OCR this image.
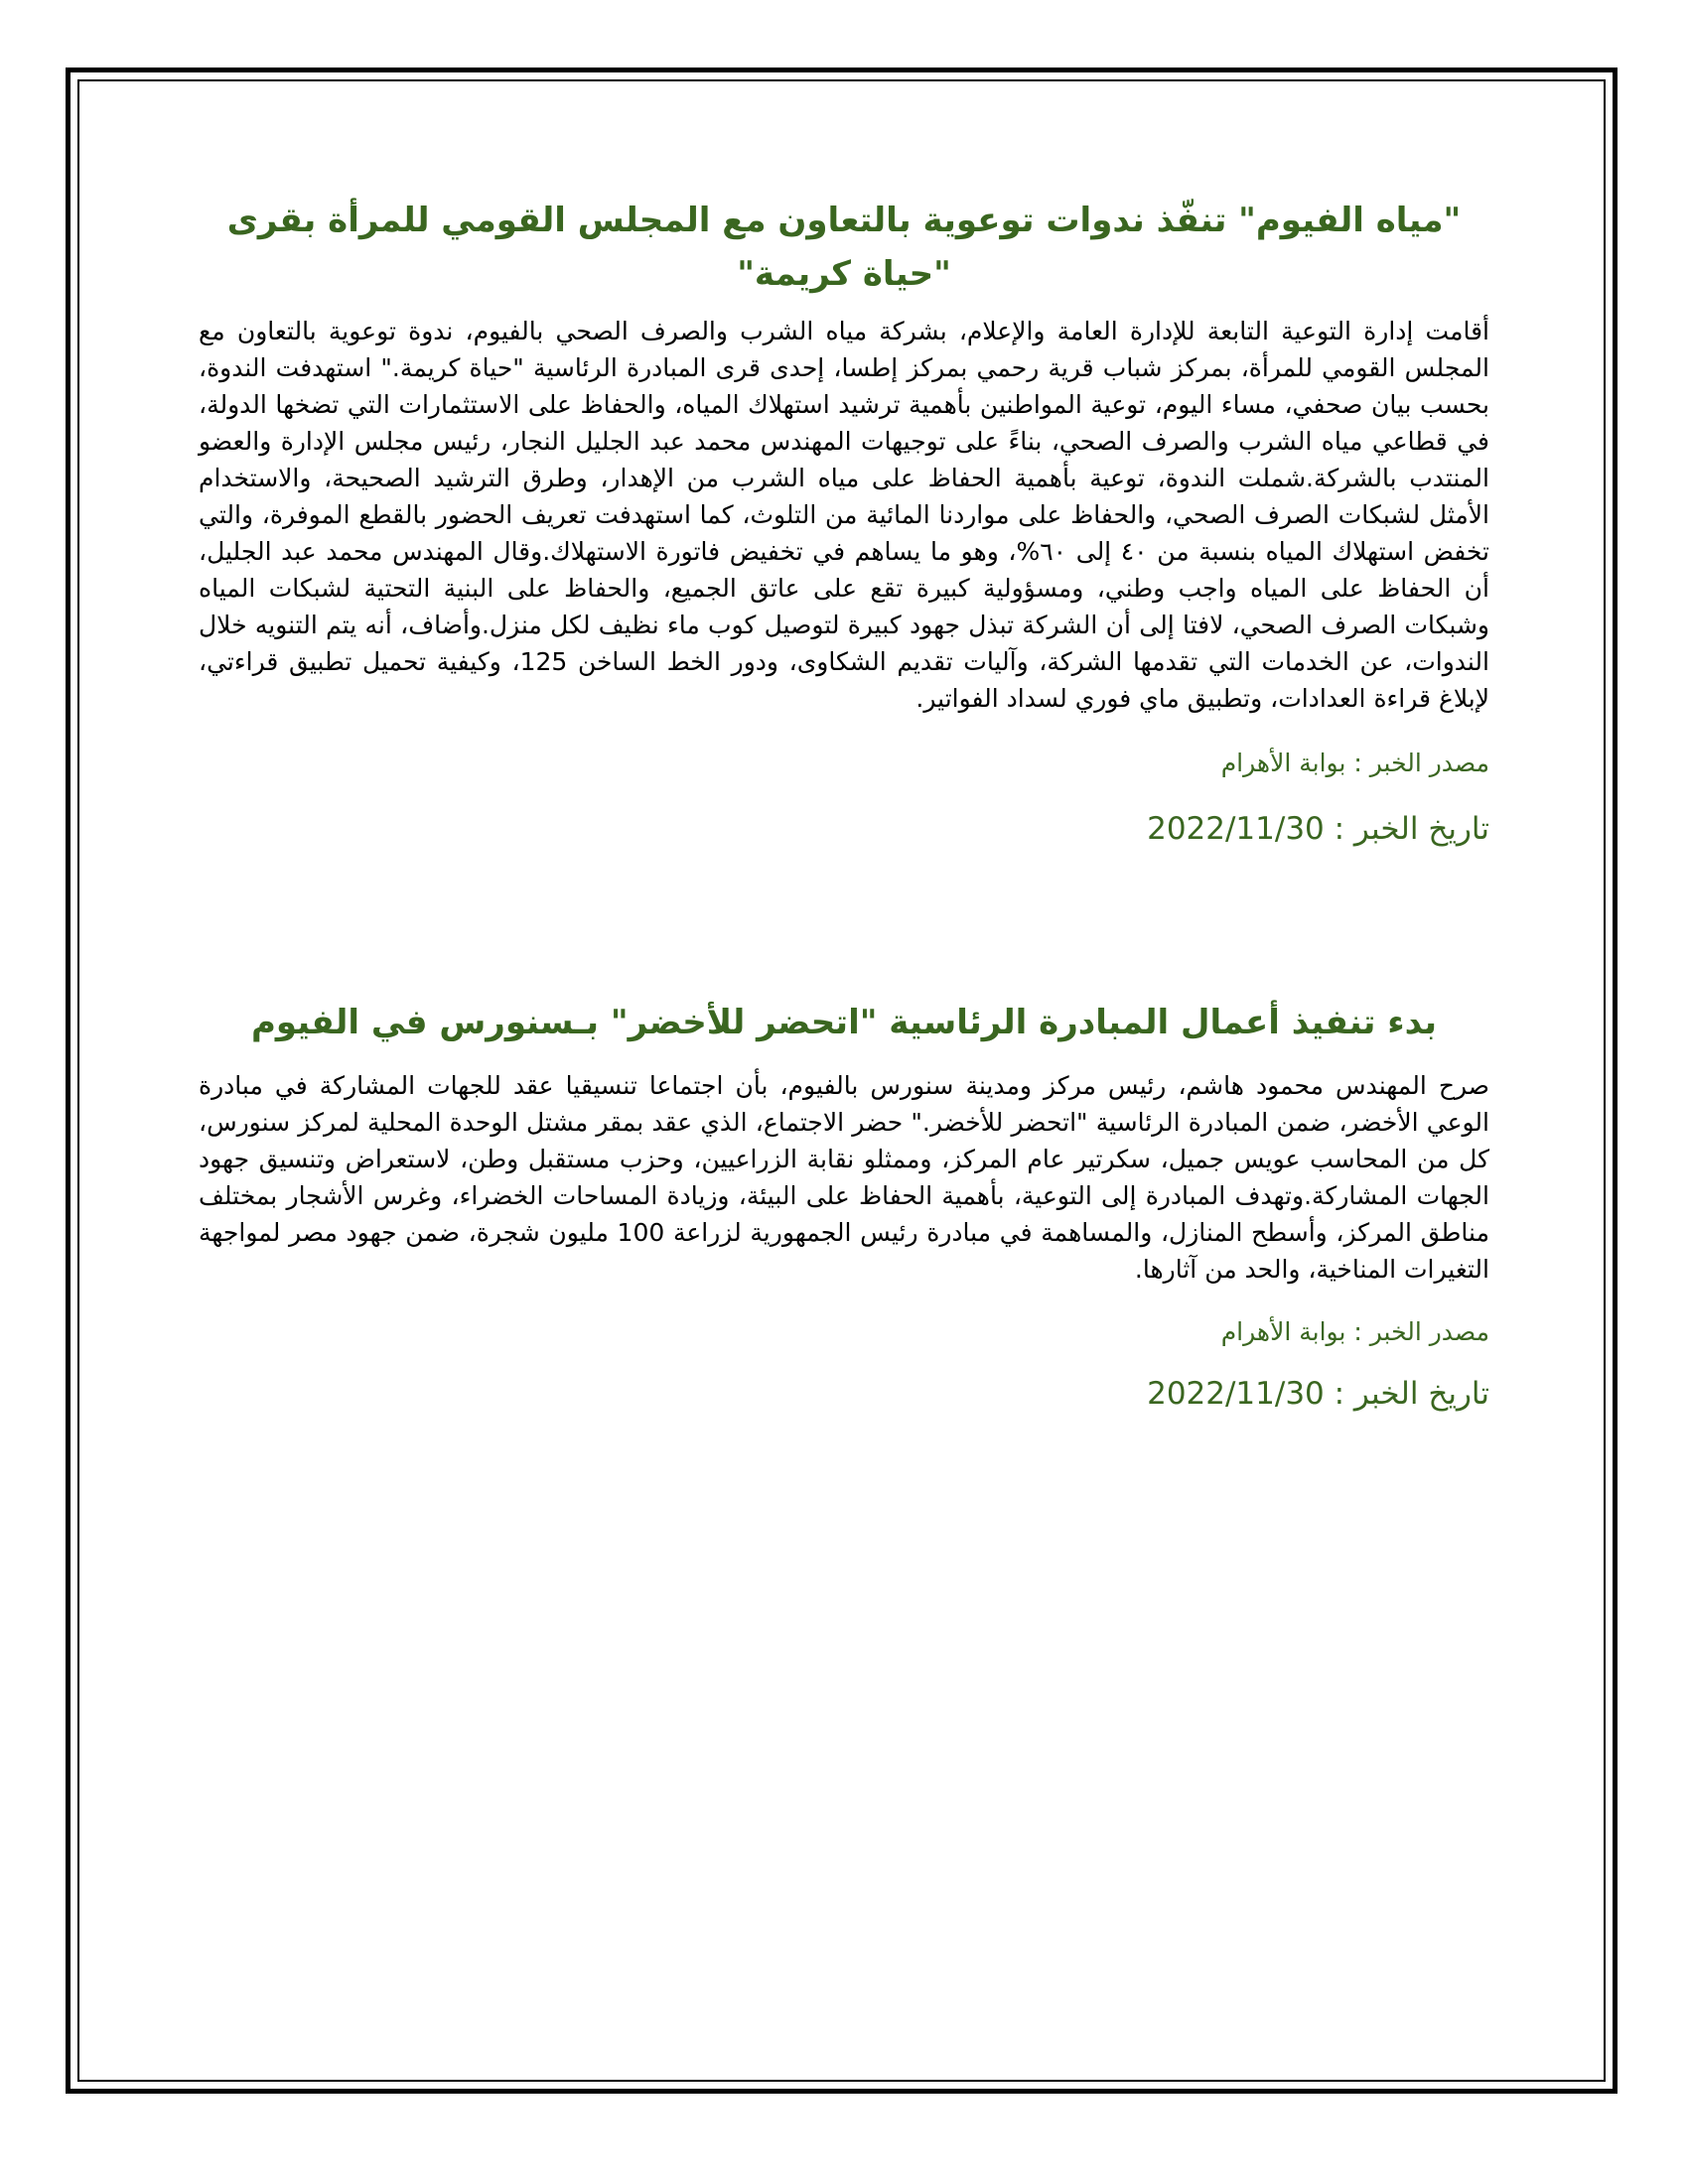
"مياه الفيوم" تنفّذ ندوات توعوية بالتعاون مع المجلس القومي للمرأة بقرى "حياة كريمة"

أقامت إدارة التوعية التابعة للإدارة العامة والإعلام، بشركة مياه الشرب والصرف الصحي بالفيوم، ندوة توعوية بالتعاون مع المجلس القومي للمرأة، بمركز شباب قرية رحمي بمركز إطسا، إحدى قرى المبادرة الرئاسية "حياة كريمة." استهدفت الندوة، بحسب بيان صحفي، مساء اليوم، توعية المواطنين بأهمية ترشيد استهلاك المياه، والحفاظ على الاستثمارات التي تضخها الدولة، في قطاعي مياه الشرب والصرف الصحي، بناءً على توجيهات المهندس محمد عبد الجليل النجار، رئيس مجلس الإدارة والعضو المنتدب بالشركة.شملت الندوة، توعية بأهمية الحفاظ على مياه الشرب من الإهدار، وطرق الترشيد الصحيحة، والاستخدام الأمثل لشبكات الصرف الصحي، والحفاظ على مواردنا المائية من التلوث، كما استهدفت تعريف الحضور بالقطع الموفرة، والتي تخفض استهلاك المياه بنسبة من ٤٠ إلى ٦٠%، وهو ما يساهم في تخفيض فاتورة الاستهلاك.وقال المهندس محمد عبد الجليل، أن الحفاظ على المياه واجب وطني، ومسؤولية كبيرة تقع على عاتق الجميع، والحفاظ على البنية التحتية لشبكات المياه وشبكات الصرف الصحي، لافتا إلى أن الشركة تبذل جهود كبيرة لتوصيل كوب ماء نظيف لكل منزل.وأضاف، أنه يتم التنويه خلال الندوات، عن الخدمات التي تقدمها الشركة، وآليات تقديم الشكاوى، ودور الخط الساخن 125، وكيفية تحميل تطبيق قراءتي، لإبلاغ قراءة العدادات، وتطبيق ماي فوري لسداد الفواتير.

مصدر الخبر : بوابة الأهرام

تاريخ الخبر : 2022/11/30

بدء تنفيذ أعمال المبادرة الرئاسية "اتحضر للأخضر" بـسنورس في الفيوم

صرح المهندس محمود هاشم، رئيس مركز ومدينة سنورس بالفيوم، بأن اجتماعا تنسيقيا عقد للجهات المشاركة في مبادرة الوعي الأخضر، ضمن المبادرة الرئاسية "اتحضر للأخضر." حضر الاجتماع، الذي عقد بمقر مشتل الوحدة المحلية لمركز سنورس، كل من المحاسب عويس جميل، سكرتير عام المركز، وممثلو نقابة الزراعيين، وحزب مستقبل وطن، لاستعراض وتنسيق جهود الجهات المشاركة.وتهدف المبادرة إلى التوعية، بأهمية الحفاظ على البيئة، وزيادة المساحات الخضراء، وغرس الأشجار بمختلف مناطق المركز، وأسطح المنازل، والمساهمة في مبادرة رئيس الجمهورية لزراعة 100 مليون شجرة، ضمن جهود مصر لمواجهة التغيرات المناخية، والحد من آثارها.

مصدر الخبر : بوابة الأهرام

تاريخ الخبر : 2022/11/30
